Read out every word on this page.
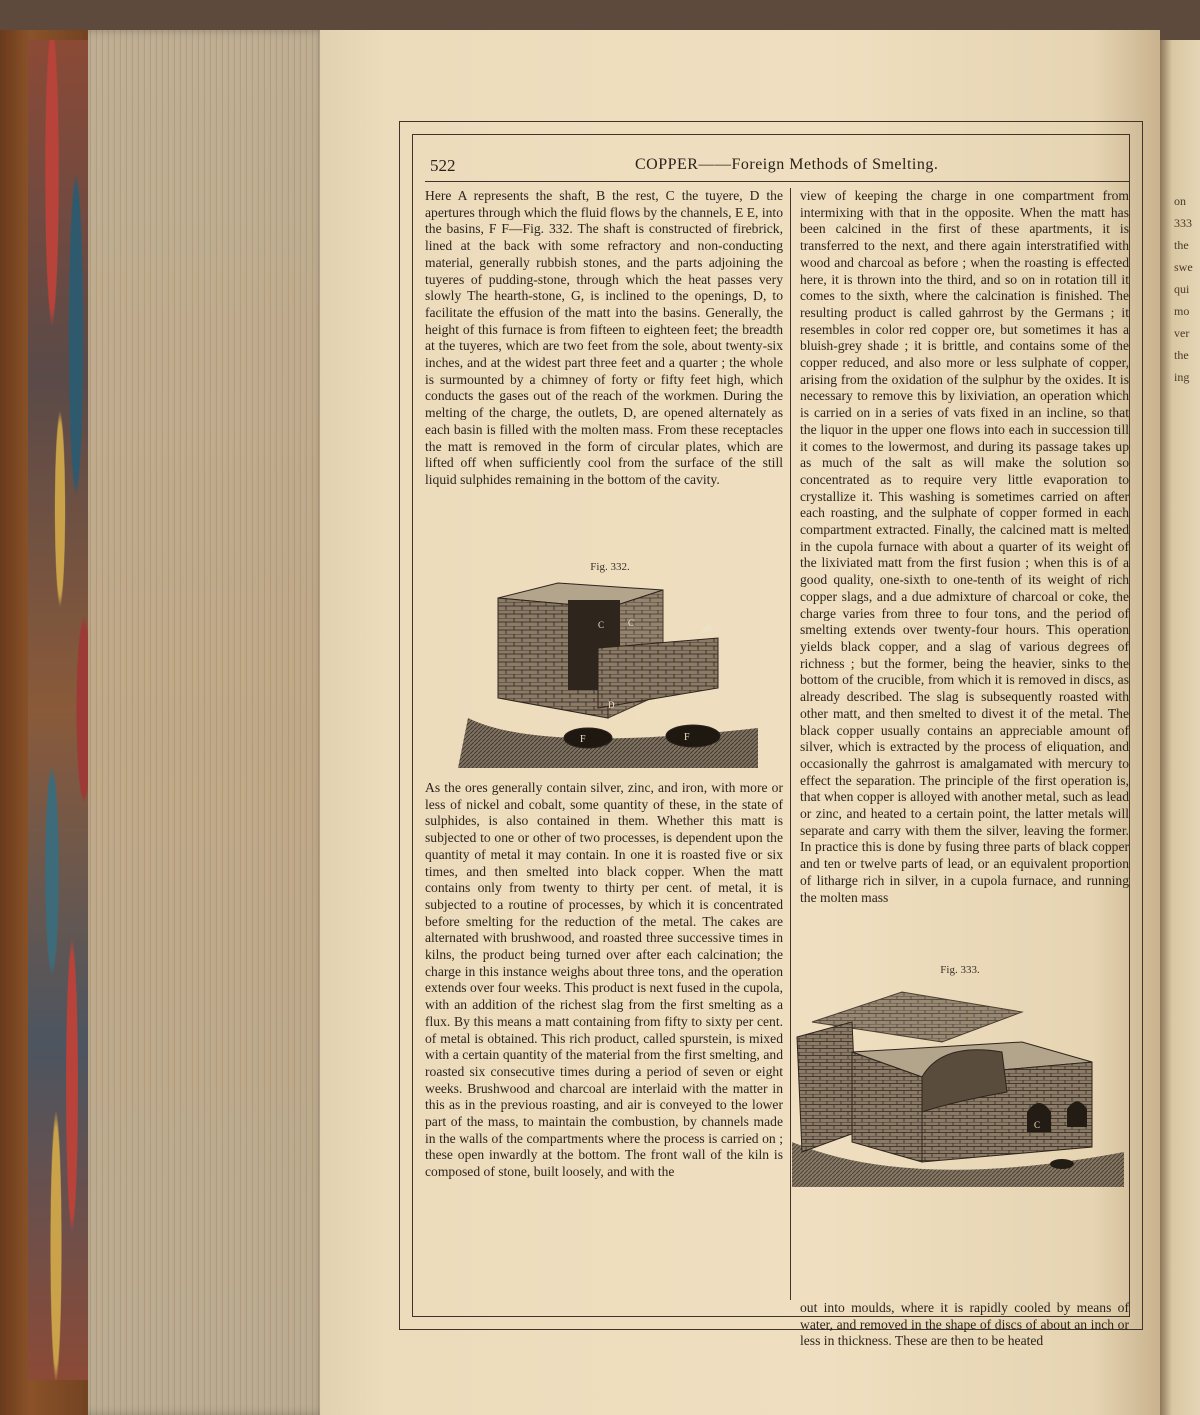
on
333
the
swe
qui
mo
ver
the
ing
522	COPPER——Foreign Methods of Smelting.

Here A represents the shaft, B the rest, C the tuyere, D the apertures through which the fluid flows by the channels, E E, into the basins, F F—Fig. 332. The shaft is constructed of firebrick, lined at the back with some refractory and non-conducting material, generally rubbish stones, and the parts adjoining the tuyeres of pudding-stone, through which the heat passes very slowly The hearth-stone, G, is inclined to the openings, D, to facilitate the effusion of the matt into the basins. Generally, the height of this furnace is from fifteen to eighteen feet; the breadth at the tuyeres, which are two feet from the sole, about twenty-six inches, and at the widest part three feet and a quarter ; the whole is surmounted by a chimney of forty or fifty feet high, which conducts the gases out of the reach of the workmen. During the melting of the charge, the outlets, D, are opened alternately as each basin is filled with the molten mass. From these receptacles the matt is removed in the form of circular plates, which are lifted off when sufficiently cool from the surface of the still liquid sulphides remaining in the bottom of the cavity.

Fig. 332.
C	C
D	D
E
F	F

As the ores generally contain silver, zinc, and iron, with more or less of nickel and cobalt, some quantity of these, in the state of sulphides, is also contained in them. Whether this matt is subjected to one or other of two processes, is dependent upon the quantity of metal it may contain. In one it is roasted five or six times, and then smelted into black copper. When the matt contains only from twenty to thirty per cent. of metal, it is subjected to a routine of processes, by which it is concentrated before smelting for the reduction of the metal. The cakes are alternated with brushwood, and roasted three successive times in kilns, the product being turned over after each calcination; the charge in this instance weighs about three tons, and the operation extends over four weeks. This product is next fused in the cupola, with an addition of the richest slag from the first smelting as a flux. By this means a matt containing from fifty to sixty per cent. of metal is obtained. This rich product, called spurstein, is mixed with a certain quantity of the material from the first smelting, and roasted six consecutive times during a period of seven or eight weeks. Brushwood and charcoal are interlaid with the matter in this as in the previous roasting, and air is conveyed to the lower part of the mass, to maintain the combustion, by channels made in the walls of the compartments where the process is carried on ; these open inwardly at the bottom. The front wall of the kiln is composed of stone, built loosely, and with the

view of keeping the charge in one compartment from intermixing with that in the opposite. When the matt has been calcined in the first of these apartments, it is transferred to the next, and there again interstratified with wood and charcoal as before ; when the roasting is effected here, it is thrown into the third, and so on in rotation till it comes to the sixth, where the calcination is finished. The resulting product is called gahrrost by the Germans ; it resembles in color red copper ore, but sometimes it has a bluish-grey shade ; it is brittle, and contains some of the copper reduced, and also more or less sulphate of copper, arising from the oxidation of the sulphur by the oxides. It is necessary to remove this by lixiviation, an operation which is carried on in a series of vats fixed in an incline, so that the liquor in the upper one flows into each in succession till it comes to the lowermost, and during its passage takes up as much of the salt as will make the solution so concentrated as to require very little evaporation to crystallize it. This washing is sometimes carried on after each roasting, and the sulphate of copper formed in each compartment extracted. Finally, the calcined matt is melted in the cupola furnace with about a quarter of its weight of the lixiviated matt from the first fusion ; when this is of a good quality, one-sixth to one-tenth of its weight of rich copper slags, and a due admixture of charcoal or coke, the charge varies from three to four tons, and the period of smelting extends over twenty-four hours. This operation yields black copper, and a slag of various degrees of richness ; but the former, being the heavier, sinks to the bottom of the crucible, from which it is removed in discs, as already described. The slag is subsequently roasted with other matt, and then smelted to divest it of the metal. The black copper usually contains an appreciable amount of silver, which is extracted by the process of eliquation, and occasionally the gahrrost is amalgamated with mercury to effect the separation. The principle of the first operation is, that when copper is alloyed with another metal, such as lead or zinc, and heated to a certain point, the latter metals will separate and carry with them the silver, leaving the former. In practice this is done by fusing three parts of black copper and ten or twelve parts of lead, or an equivalent proportion of litharge rich in silver, in a cupola furnace, and running the molten mass

Fig. 333.
C

out into moulds, where it is rapidly cooled by means of water, and removed in the shape of discs of about an inch or less in thickness. These are then to be heated
